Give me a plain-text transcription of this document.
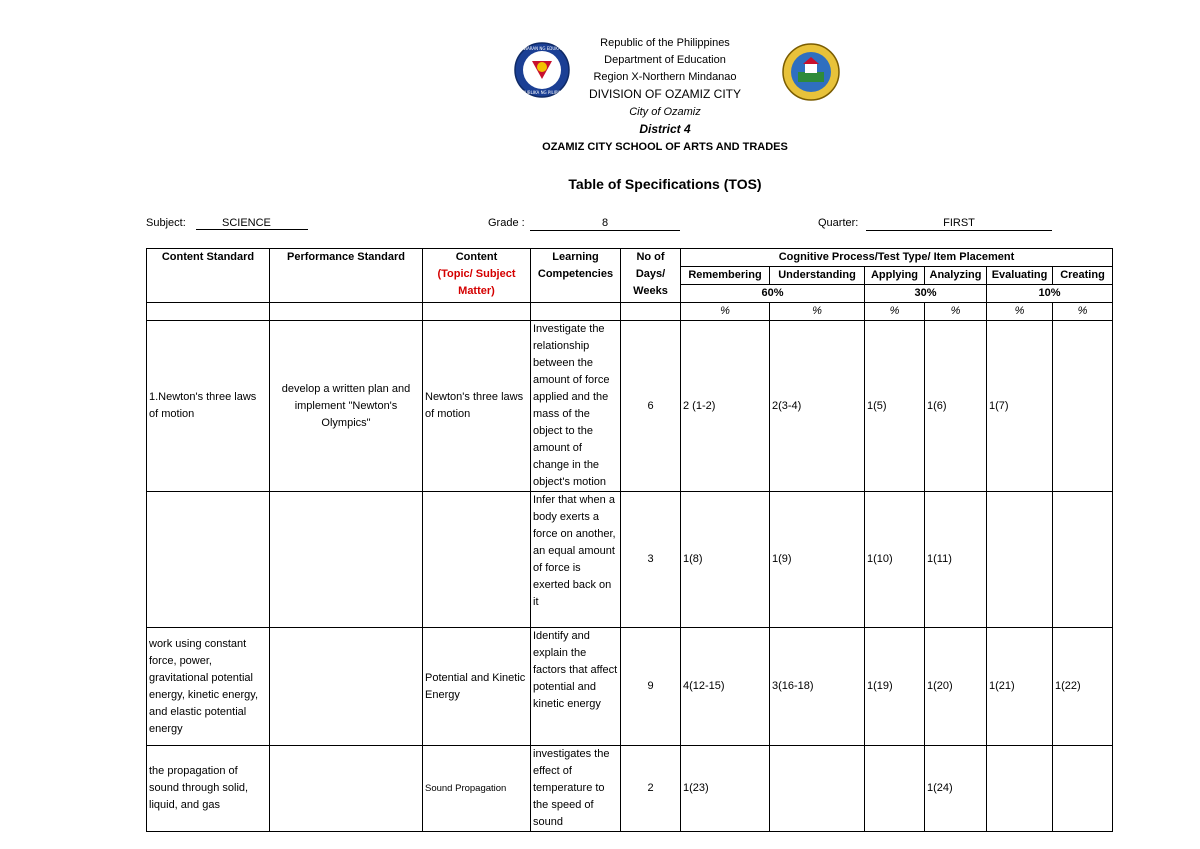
KAGAWARAN NG EDUKASYON
REPUBLIKA NG PILIPINAS
Republic of the Philippines
Department of Education
Region X-Northern Mindanao
DIVISION OF OZAMIZ CITY
City of Ozamiz
District 4
OZAMIZ CITY SCHOOL OF ARTS AND TRADES
Table of Specifications (TOS)
Subject:	SCIENCE	Grade :	8	Quarter:	FIRST
Content Standard	Performance Standard	Content
(Topic/ Subject Matter)	Learning Competencies	No of Days/ Weeks	Cognitive Process/Test Type/ Item Placement					
					Remembering	Understanding	Applying	Analyzing	Evaluating	Creating
					60%		30%		10%	
					%	%	%	%	%	%
1.Newton's three laws of motion	develop a written plan and implement "Newton's Olympics"	Newton's three laws of motion	Investigate the relationship between the amount of force applied and the mass of the object to the amount of change in the object's motion	6	2 (1-2)	2(3-4)	1(5)	1(6)	1(7)	
			Infer that when a body exerts a force on another, an equal amount of force is exerted back on it	3	1(8)	1(9)	1(10)	1(11)		
work using constant force, power, gravitational potential energy, kinetic energy, and elastic potential energy		Potential and Kinetic Energy	Identify and explain the factors that affect potential and kinetic energy	9	4(12-15)	3(16-18)	1(19)	1(20)	1(21)	1(22)
the propagation of sound through solid, liquid, and gas		Sound Propagation	investigates the effect of temperature to the speed of sound	2	1(23)			1(24)		
